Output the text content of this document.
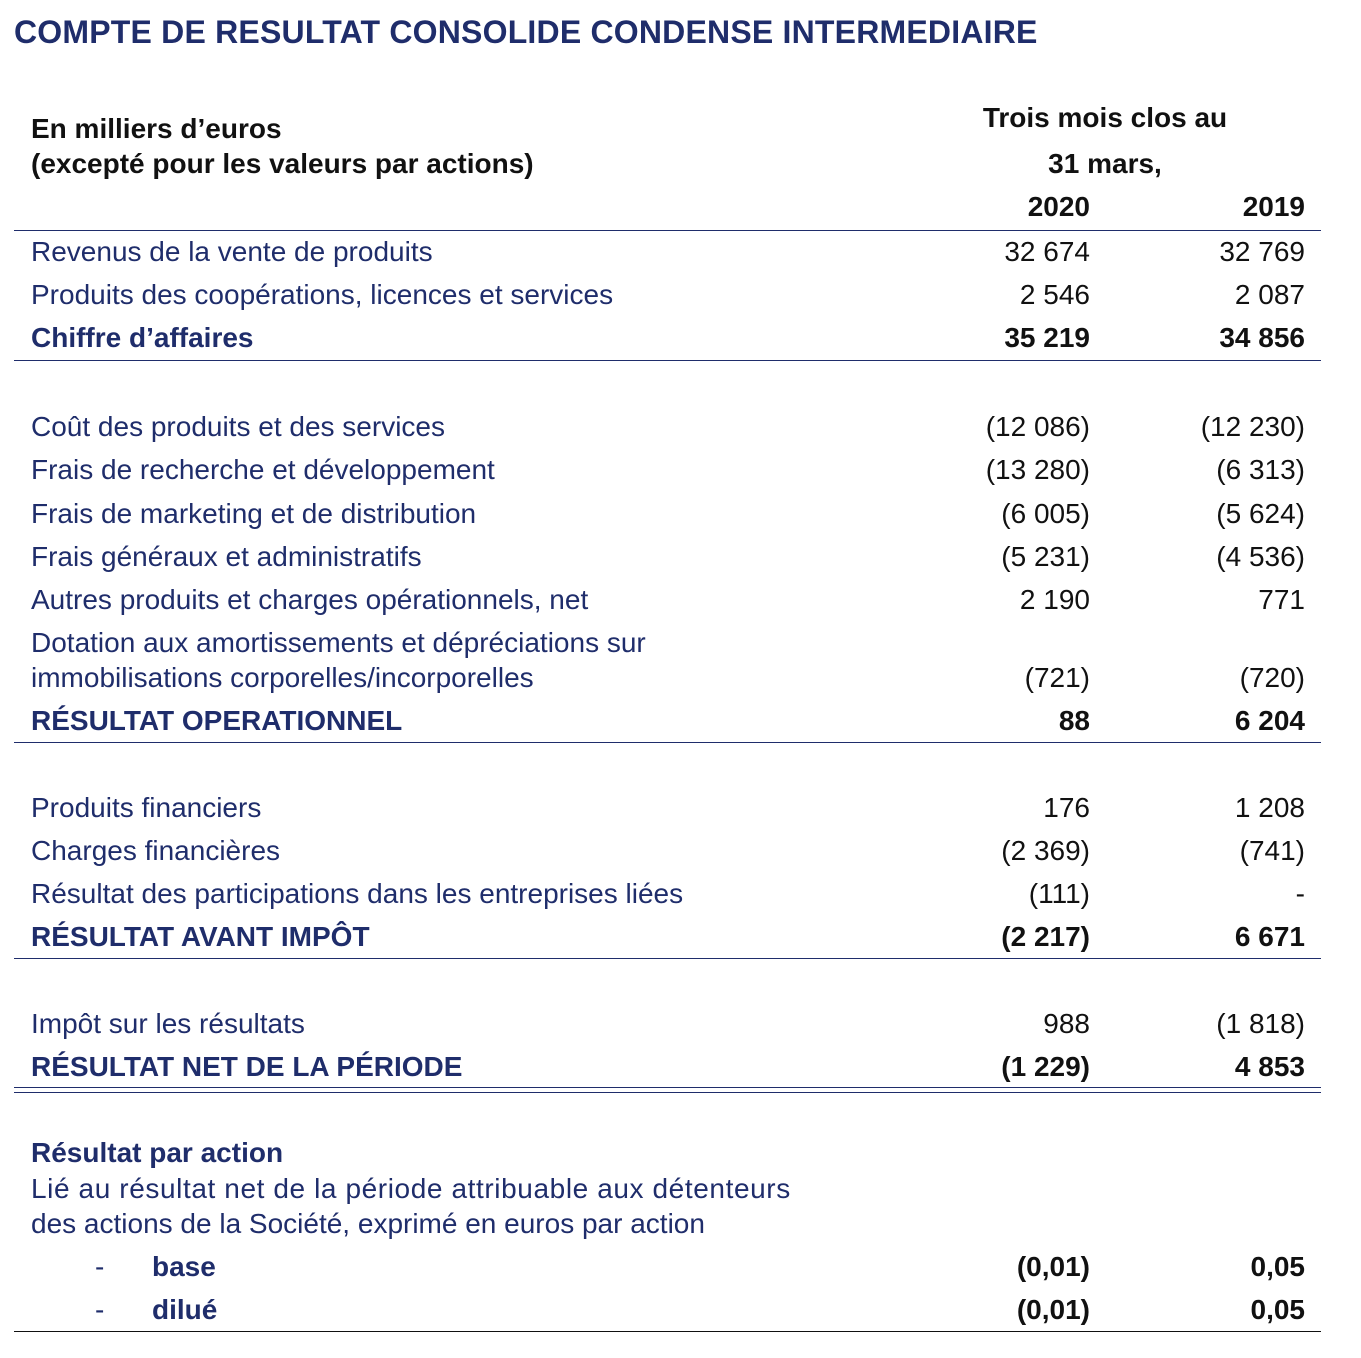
COMPTE DE RESULTAT CONSOLIDE CONDENSE INTERMEDIAIRE
En milliers d’euros
(excepté pour les valeurs par actions)
Trois mois clos au
31 mars,
2020	2019
Revenus de la vente de produits	32 674	32 769
Produits des coopérations, licences et services	2 546	2 087
Chiffre d’affaires	35 219	34 856
Coût des produits et des services	(12 086)	(12 230)
Frais de recherche et développement	(13 280)	(6 313)
Frais de marketing et de distribution	(6 005)	(5 624)
Frais généraux et administratifs	(5 231)	(4 536)
Autres produits et charges opérationnels, net	2 190	771
Dotation aux amortissements et dépréciations sur
immobilisations corporelles/incorporelles	(721)	(720)
RÉSULTAT OPERATIONNEL	88	6 204
Produits financiers	176	1 208
Charges financières	(2 369)	(741)
Résultat des participations dans les entreprises liées	(111)	-
RÉSULTAT AVANT IMPÔT	(2 217)	6 671
Impôt sur les résultats	988	(1 818)
RÉSULTAT NET DE LA PÉRIODE	(1 229)	4 853
Résultat par action
Lié au résultat net de la période attribuable aux détenteurs
des actions de la Société, exprimé en euros par action
- base	(0,01)	0,05
- dilué	(0,01)	0,05
